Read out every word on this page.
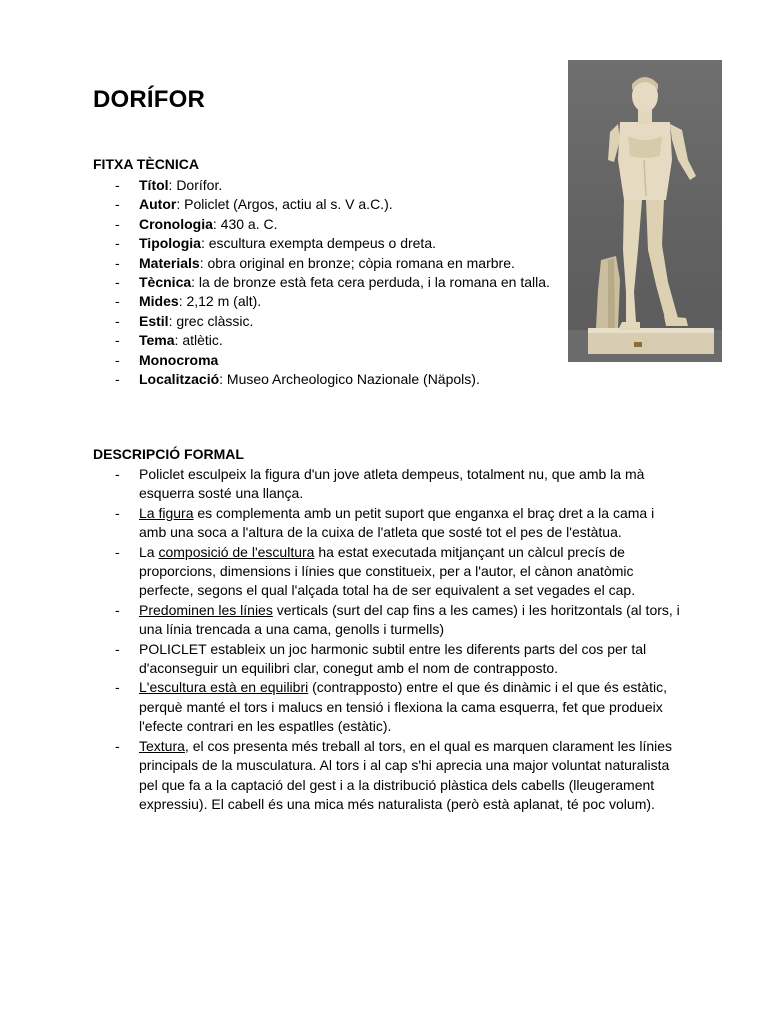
DORÍFOR
FITXA TÈCNICA
- Títol: Dorífor.
- Autor: Policlet (Argos, actiu al s. V a.C.).
- Cronologia: 430 a. C.
- Tipologia: escultura exempta dempeus o dreta.
- Materials: obra original en bronze; còpia romana en marbre.
- Tècnica: la de bronze està feta cera perduda, i la romana en talla.
- Mides: 2,12 m (alt).
- Estil: grec clàssic.
- Tema: atlètic.
- Monocroma
- Localització: Museo Archeologico Nazionale (Näpols).
DESCRIPCIÓ FORMAL
- Policlet esculpeix la figura d'un jove atleta dempeus, totalment nu, que amb la mà esquerra sosté una llança.
- La figura es complementa amb un petit suport que enganxa el braç dret a la cama i amb una soca a l'altura de la cuixa de l'atleta que sosté tot el pes de l'estàtua.
- La composició de l'escultura ha estat executada mitjançant un càlcul precís de proporcions, dimensions i línies que constitueix, per a l'autor, el cànon anatòmic perfecte, segons el qual l'alçada total ha de ser equivalent a set vegades el cap.
- Predominen les línies verticals (surt del cap fins a les cames) i les horitzontals (al tors, i una línia trencada a una cama, genolls i turmells)
- POLICLET estableix un joc harmonic subtil entre les diferents parts del cos per tal d'aconseguir un equilibri clar, conegut amb el nom de contrapposto.
- L'escultura està en equilibri (contrapposto) entre el que és dinàmic i el que és estàtic, perquè manté el tors i malucs en tensió i flexiona la cama esquerra, fet que produeix l'efecte contrari en les espatlles (estàtic).
- Textura, el cos presenta més treball al tors, en el qual es marquen clarament les línies principals de la musculatura. Al tors i al cap s'hi aprecia una major voluntat naturalista pel que fa a la captació del gest i a la distribució plàstica dels cabells (lleugerament expressiu). El cabell és una mica més naturalista (però està aplanat, té poc volum).
